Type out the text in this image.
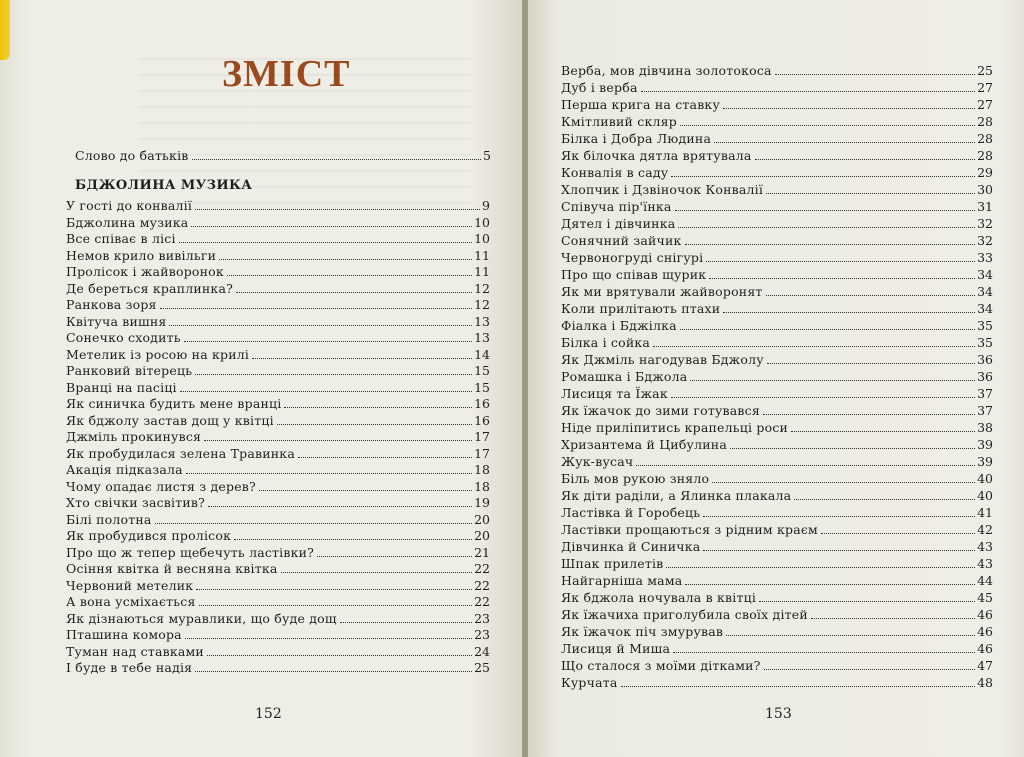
ЗМІСТ
Слово до батьків	5
БДЖОЛИНА МУЗИКА
У гості до конвалії	9
Бджолина музика	10
Все співає в лісі	10
Немов крило вивільги	11
Пролісок і жайворонок	11
Де береться краплинка?	12
Ранкова зоря	12
Квітуча вишня	13
Сонечко сходить	13
Метелик із росою на крилі	14
Ранковий вітерець	15
Вранці на пасіці	15
Як синичка будить мене вранці	16
Як бджолу застав дощ у квітці	16
Джміль прокинувся	17
Як пробудилася зелена Травинка	17
Акація підказала	18
Чому опадає листя з дерев?	18
Хто свічки засвітив?	19
Білі полотна	20
Як пробудився пролісок	20
Про що ж тепер щебечуть ластівки?	21
Осіння квітка й весняна квітка	22
Червоний метелик	22
А вона усміхається	22
Як дізнаються муравлики, що буде дощ	23
Пташина комора	23
Туман над ставками	24
І буде в тебе надія	25
Верба, мов дівчина золотокоса	25
Дуб і верба	27
Перша крига на ставку	27
Кмітливий скляр	28
Білка і Добра Людина	28
Як білочка дятла врятувала	28
Конвалія в саду	29
Хлопчик і Дзвіночок Конвалії	30
Співуча пір'їнка	31
Дятел і дівчинка	32
Сонячний зайчик	32
Червоногруді снігурі	33
Про що співав щурик	34
Як ми врятували жайворонят	34
Коли прилітають птахи	34
Фіалка і Бджілка	35
Білка і сойка	35
Як Джміль нагодував Бджолу	36
Ромашка і Бджола	36
Лисиця та Їжак	37
Як їжачок до зими готувався	37
Ніде приліпитись крапельці роси	38
Хризантема й Цибулина	39
Жук-вусач	39
Біль мов рукою зняло	40
Як діти раділи, а Ялинка плакала	40
Ластівка й Горобець	41
Ластівки прощаються з рідним краєм	42
Дівчинка й Синичка	43
Шпак прилетів	43
Найгарніша мама	44
Як бджола ночувала в квітці	45
Як їжачиха приголубила своїх дітей	46
Як їжачок піч змурував	46
Лисиця й Миша	46
Що сталося з моїми дітками?	47
Курчата	48
152	153
